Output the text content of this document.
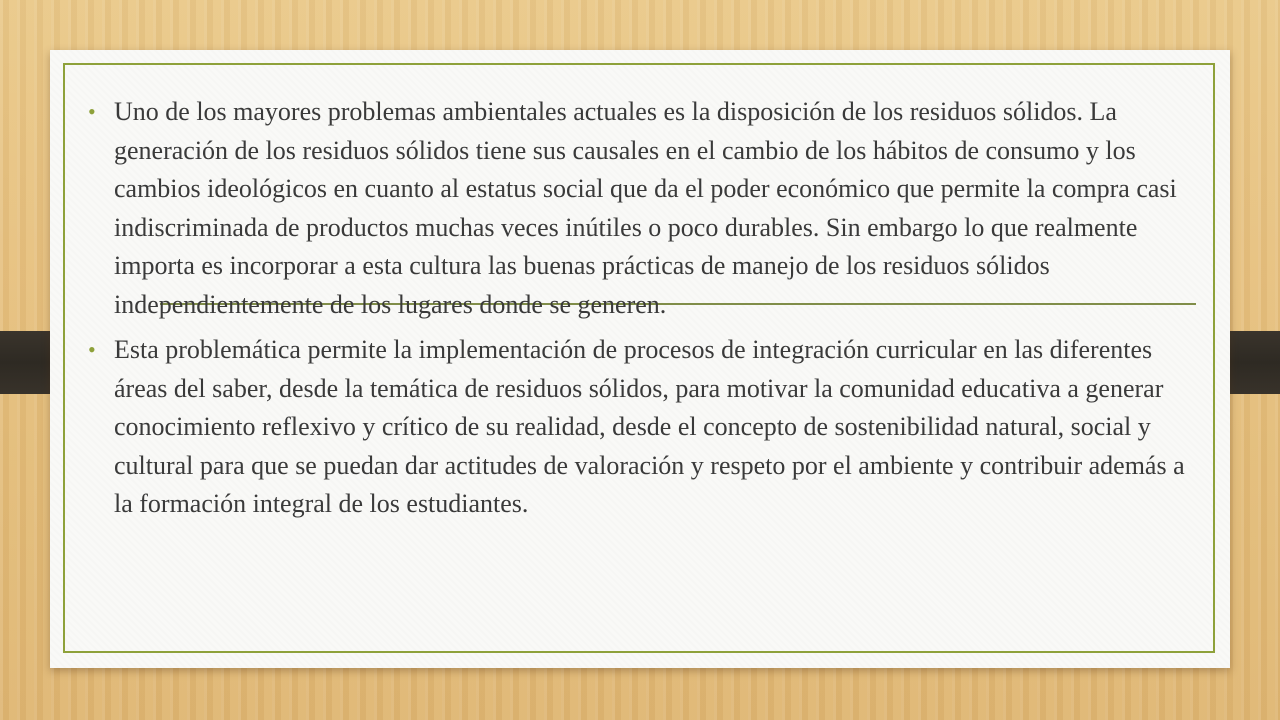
• Uno de los mayores problemas ambientales actuales es la disposición de los residuos sólidos. La generación de los residuos sólidos tiene sus causales en el cambio de los hábitos de consumo y los cambios ideológicos en cuanto al estatus social que da el poder económico que permite la compra casi indiscriminada de productos muchas veces inútiles o poco durables. Sin embargo lo que realmente importa es incorporar a esta cultura las buenas prácticas de manejo de los residuos sólidos independientemente de los lugares donde se generen.
• Esta problemática permite la implementación de procesos de integración curricular en las diferentes áreas del saber, desde la temática de residuos sólidos, para motivar la comunidad educativa a generar conocimiento reflexivo y crítico de su realidad, desde el concepto de sostenibilidad natural, social y cultural para que se puedan dar actitudes de valoración y respeto por el ambiente y contribuir además a la formación integral de los estudiantes.
